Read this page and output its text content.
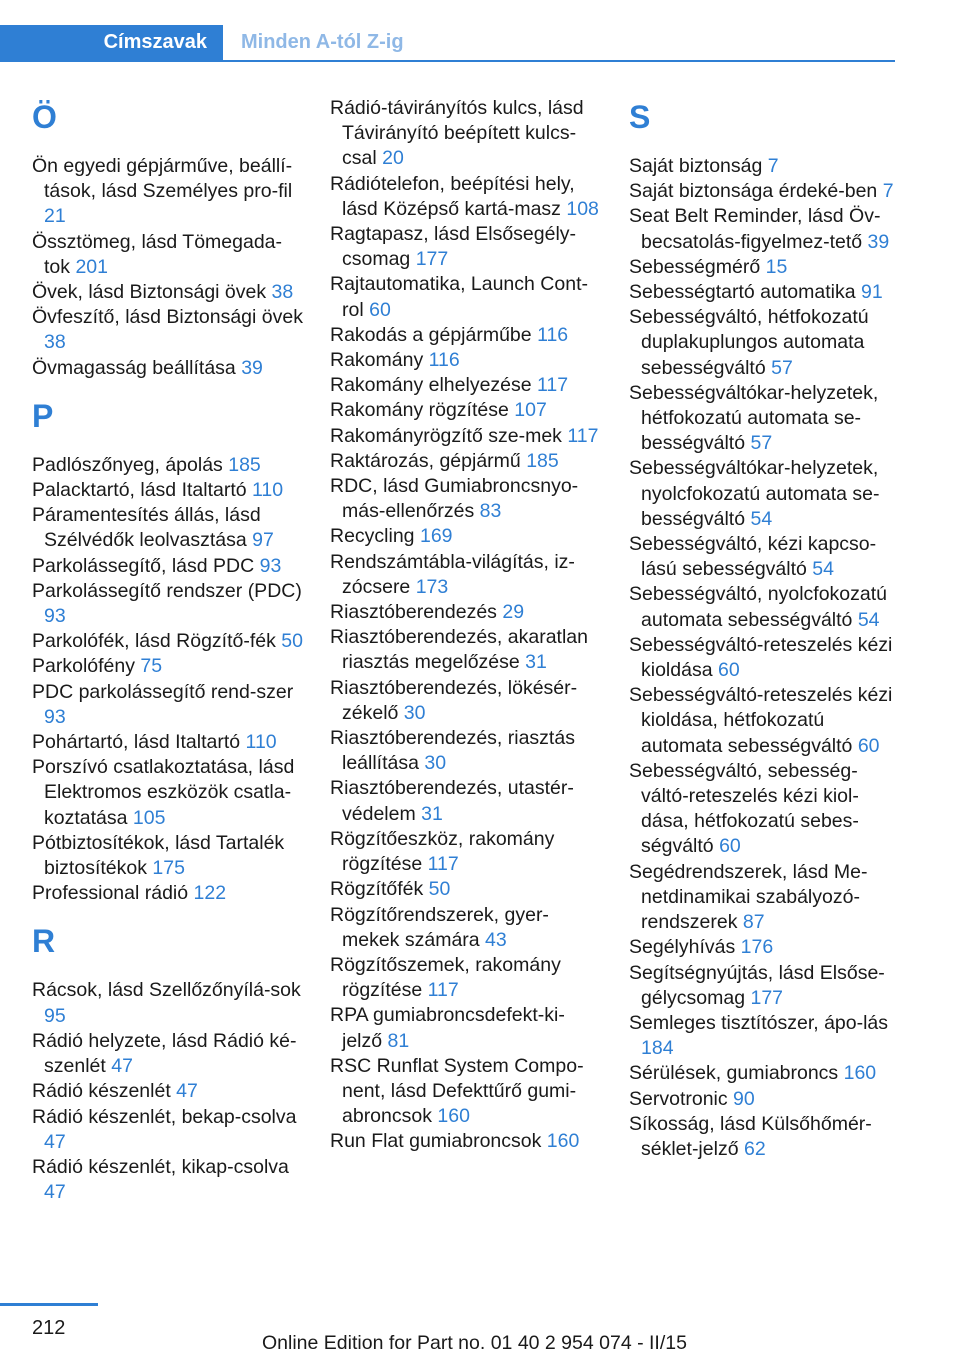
Címszavak	Minden A-tól Z-ig
Ö
Ön egyedi gépjárműve, beállí-tások, lásd Személyes pro-fil 21
Össztömeg, lásd Tömegada-tok 201
Övek, lásd Biztonsági övek 38
Övfeszítő, lásd Biztonsági övek 38
Övmagasság beállítása 39
P
Padlószőnyeg, ápolás 185
Palacktartó, lásd Italtartó 110
Páramentesítés állás, lásd Szélvédők leolvasztása 97
Parkolássegítő, lásd PDC 93
Parkolássegítő rendszer (PDC) 93
Parkolófék, lásd Rögzítő-fék 50
Parkolófény 75
PDC parkolássegítő rend-szer 93
Pohártartó, lásd Italtartó 110
Porszívó csatlakoztatása, lásd Elektromos eszközök csatla-koztatása 105
Pótbiztosítékok, lásd Tartalék biztosítékok 175
Professional rádió 122
R
Rácsok, lásd Szellőzőnyílá-sok 95
Rádió helyzete, lásd Rádió ké-szenlét 47
Rádió készenlét 47
Rádió készenlét, bekap-csolva 47
Rádió készenlét, kikap-csolva 47
Rádió-távirányítós kulcs, lásd Távirányító beépített kulcs-csal 20
Rádiótelefon, beépítési hely, lásd Középső kartá-masz 108
Ragtapasz, lásd Elsősegély-csomag 177
Rajtautomatika, Launch Cont-rol 60
Rakodás a gépjárműbe 116
Rakomány 116
Rakomány elhelyezése 117
Rakomány rögzítése 107
Rakományrögzítő sze-mek 117
Raktározás, gépjármű 185
RDC, lásd Gumiabroncsnyo-más-ellenőrzés 83
Recycling 169
Rendszámtábla-világítás, iz-zócsere 173
Riasztóberendezés 29
Riasztóberendezés, akaratlan riasztás megelőzése 31
Riasztóberendezés, lökésér-zékelő 30
Riasztóberendezés, riasztás leállítása 30
Riasztóberendezés, utastér-védelem 31
Rögzítőeszköz, rakomány rögzítése 117
Rögzítőfék 50
Rögzítőrendszerek, gyer-mekek számára 43
Rögzítőszemek, rakomány rögzítése 117
RPA gumiabroncsdefekt-ki-jelző 81
RSC Runflat System Compo-nent, lásd Defekttűrő gumi-abroncsok 160
Run Flat gumiabroncsok 160
S
Saját biztonság 7
Saját biztonsága érdeké-ben 7
Seat Belt Reminder, lásd Öv-becsatolás-figyelmez-tető 39
Sebességmérő 15
Sebességtartó automatika 91
Sebességváltó, hétfokozatú duplakuplungos automata sebességváltó 57
Sebességváltókar-helyzetek, hétfokozatú automata se-bességváltó 57
Sebességváltókar-helyzetek, nyolcfokozatú automata se-bességváltó 54
Sebességváltó, kézi kapcso-lású sebességváltó 54
Sebességváltó, nyolcfokozatú automata sebességváltó 54
Sebességváltó-reteszelés kézi kioldása 60
Sebességváltó-reteszelés kézi kioldása, hétfokozatú automata sebességváltó 60
Sebességváltó, sebesség-váltó-reteszelés kézi kiol-dása, hétfokozatú sebes-ségváltó 60
Segédrendszerek, lásd Me-netdinamikai szabályozó-rendszerek 87
Segélyhívás 176
Segítségnyújtás, lásd Elsőse-gélycsomag 177
Semleges tisztítószer, ápo-lás 184
Sérülések, gumiabroncs 160
Servotronic 90
Síkosság, lásd Külsőhőmér-séklet-jelző 62
212
Online Edition for Part no. 01 40 2 954 074 - II/15
